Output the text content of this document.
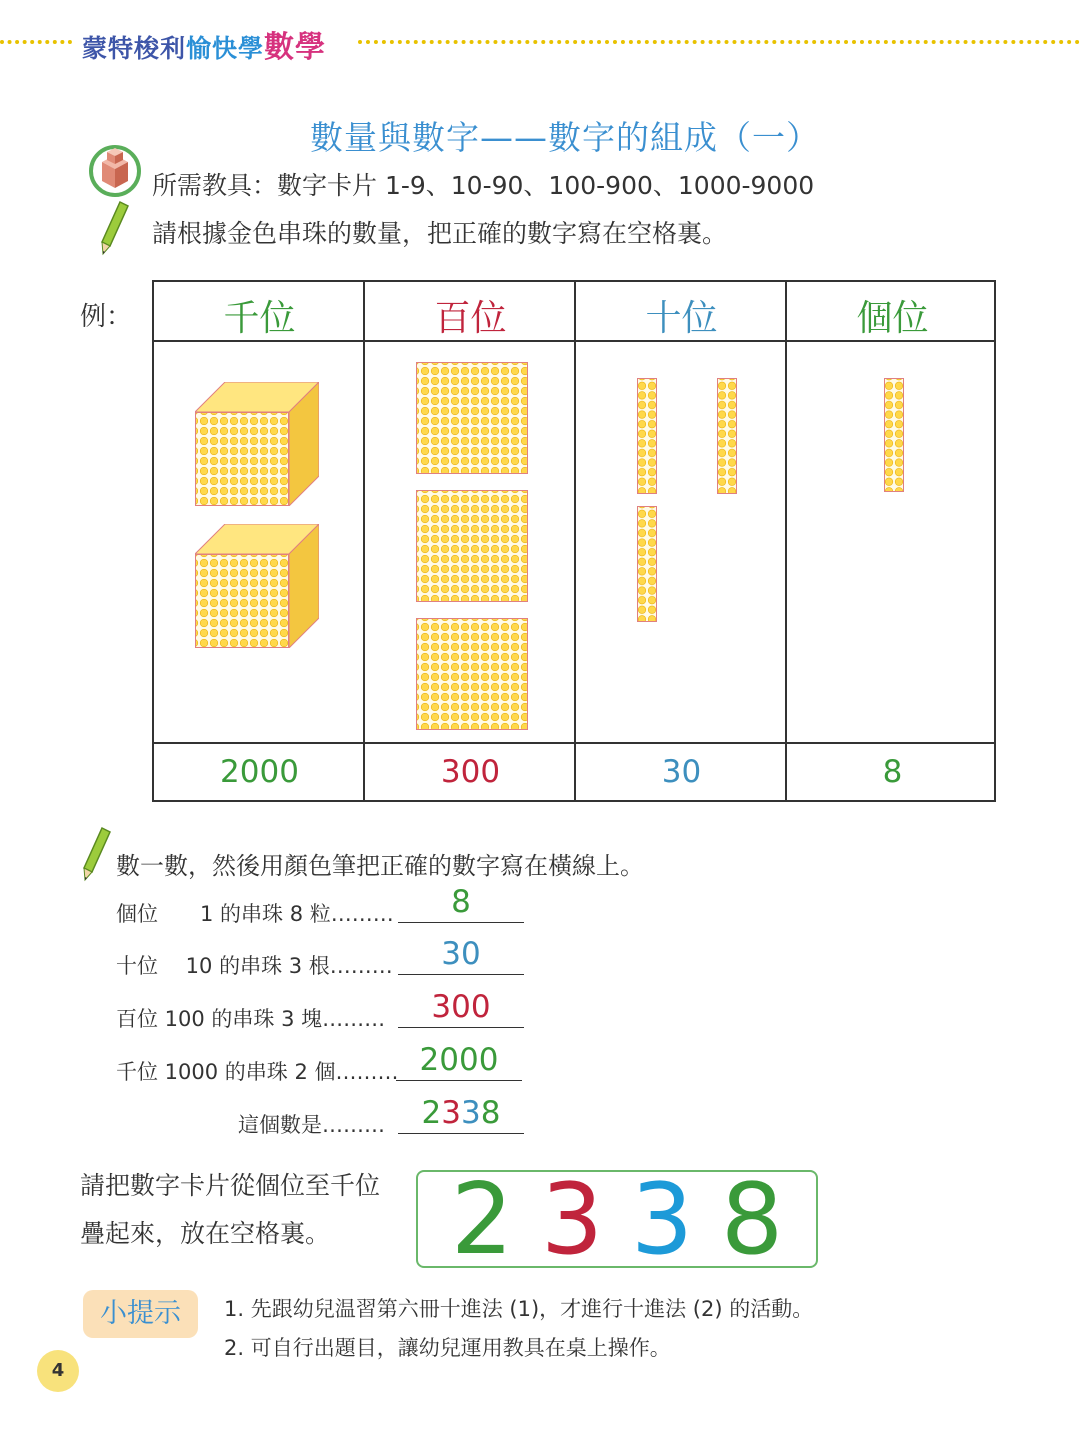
蒙特梭利愉快學數學
數量與數字——數字的組成（一）
所需教具：數字卡片 1-9、10-90、100-900、1000-9000
請根據金色串珠的數量，把正確的數字寫在空格裏。
例：	千位	百位	十位	個位
2000	300	30	8
數一數，然後用顏色筆把正確的數字寫在橫線上。
個位　　1 的串珠 8 粒………	8
十位　 10 的串珠 3 根………	30
百位 100 的串珠 3 塊………	300
千位 1000 的串珠 2 個……… 2000
這個數是………	2338
請把數字卡片從個位至千位
疊起來，放在空格裏。 2 3 3 8
小提示	1. 先跟幼兒温習第六冊十進法 (1)，才進行十進法 (2) 的活動。
2. 可自行出題目，讓幼兒運用教具在桌上操作。
4
